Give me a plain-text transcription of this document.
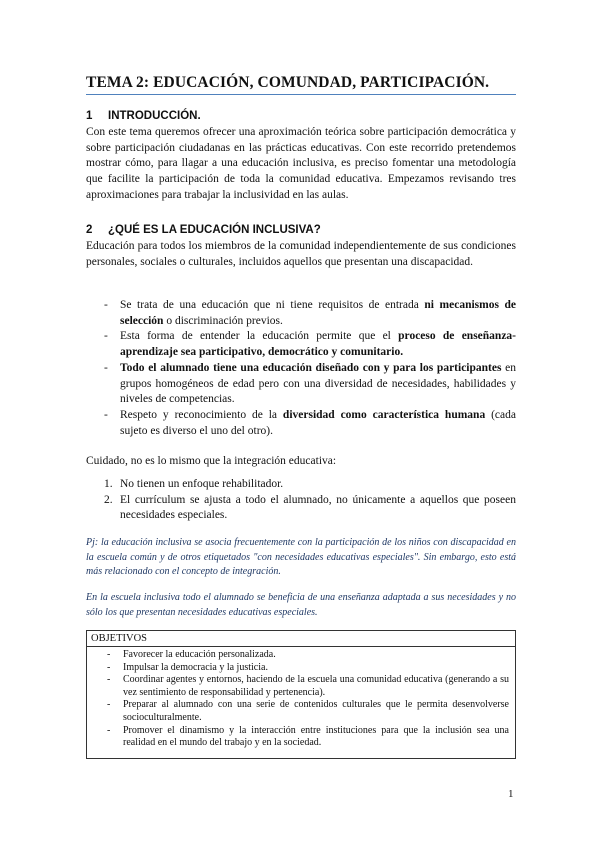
TEMA 2: EDUCACIÓN, COMUNDAD, PARTICIPACIÓN.
1 INTRODUCCIÓN.
Con este tema queremos ofrecer una aproximación teórica sobre participación democrática y sobre participación ciudadanas en las prácticas educativas. Con este recorrido pretendemos mostrar cómo, para llagar a una educación inclusiva, es preciso fomentar una metodología que facilite la participación de toda la comunidad educativa. Empezamos revisando tres aproximaciones para trabajar la inclusividad en las aulas.
2 ¿QUÉ ES LA EDUCACIÓN INCLUSIVA?
Educación para todos los miembros de la comunidad independientemente de sus condiciones personales, sociales o culturales, incluidos aquellos que presentan una discapacidad.
- Se trata de una educación que ni tiene requisitos de entrada ni mecanismos de selección o discriminación previos.
- Esta forma de entender la educación permite que el proceso de enseñanza-aprendizaje sea participativo, democrático y comunitario.
- Todo el alumnado tiene una educación diseñado con y para los participantes en grupos homogéneos de edad pero con una diversidad de necesidades, habilidades y niveles de competencias.
- Respeto y reconocimiento de la diversidad como característica humana (cada sujeto es diverso el uno del otro).
Cuidado, no es lo mismo que la integración educativa:
1. No tienen un enfoque rehabilitador.
2. El currículum se ajusta a todo el alumnado, no únicamente a aquellos que poseen necesidades especiales.
Pj: la educación inclusiva se asocia frecuentemente con la participación de los niños con discapacidad en la escuela común y de otros etiquetados "con necesidades educativas especiales". Sin embargo, esto está más relacionado con el concepto de integración.
En la escuela inclusiva todo el alumnado se beneficia de una enseñanza adaptada a sus necesidades y no sólo los que presentan necesidades educativas especiales.
OBJETIVOS
- Favorecer la educación personalizada.
- Impulsar la democracia y la justicia.
- Coordinar agentes y entornos, haciendo de la escuela una comunidad educativa (generando a su vez sentimiento de responsabilidad y pertenencia).
- Preparar al alumnado con una serie de contenidos culturales que le permita desenvolverse socioculturalmente.
- Promover el dinamismo y la interacción entre instituciones para que la inclusión sea una realidad en el mundo del trabajo y en la sociedad.
1
